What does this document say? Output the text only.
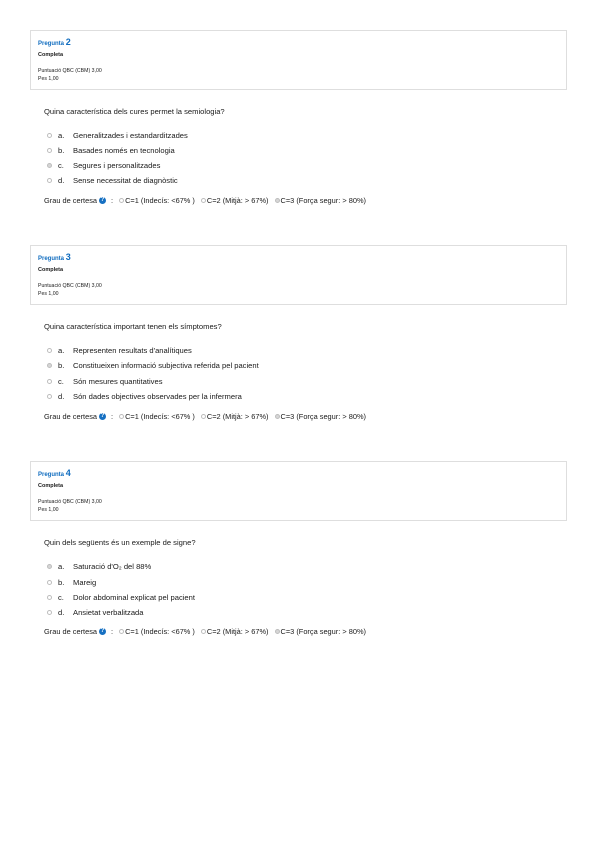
Pregunta 2
Completa
Puntuació QBC (CBM) 3,00
Pes 1,00
Quina característica dels cures permet la semiologia?
a. Generalitzades i estandarditzades
b. Basades només en tecnologia
c. Segures i personalitzades
d. Sense necessitat de diagnòstic
Grau de certesa ? : C=1 (Indecís: <67% ) C=2 (Mitjà: > 67%) C=3 (Força segur: > 80%)
Pregunta 3
Completa
Puntuació QBC (CBM) 3,00
Pes 1,00
Quina característica important tenen els símptomes?
a. Representen resultats d'analítiques
b. Constitueixen informació subjectiva referida pel pacient
c. Són mesures quantitatives
d. Són dades objectives observades per la infermera
Grau de certesa ? : C=1 (Indecís: <67% ) C=2 (Mitjà: > 67%) C=3 (Força segur: > 80%)
Pregunta 4
Completa
Puntuació QBC (CBM) 3,00
Pes 1,00
Quin dels següents és un exemple de signe?
a. Saturació d'O₂ del 88%
b. Mareig
c. Dolor abdominal explicat pel pacient
d. Ansietat verbalitzada
Grau de certesa ? : C=1 (Indecís: <67% ) C=2 (Mitjà: > 67%) C=3 (Força segur: > 80%)
